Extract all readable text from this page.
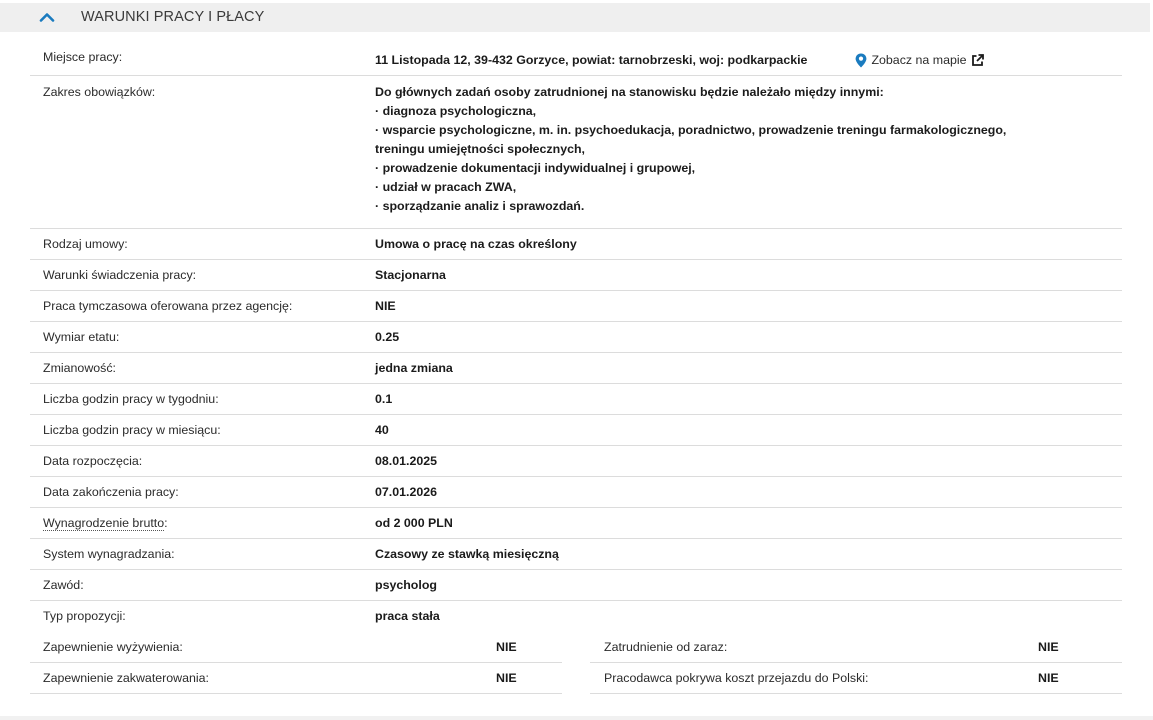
WARUNKI PRACY I PŁACY
Miejsce pracy:	11 Listopada 12, 39-432 Gorzyce, powiat: tarnobrzeski, woj: podkarpackie	Zobacz na mapie
Zakres obowiązków:	Do głównych zadań osoby zatrudnionej na stanowisku będzie należało między innymi:
· diagnoza psychologiczna,
· wsparcie psychologiczne, m. in. psychoedukacja, poradnictwo, prowadzenie treningu farmakologicznego, treningu umiejętności społecznych,
· prowadzenie dokumentacji indywidualnej i grupowej,
· udział w pracach ZWA,
· sporządzanie analiz i sprawozdań.
Rodzaj umowy:	Umowa o pracę na czas określony
Warunki świadczenia pracy:	Stacjonarna
Praca tymczasowa oferowana przez agencję:	NIE
Wymiar etatu:	0.25
Zmianowość:	jedna zmiana
Liczba godzin pracy w tygodniu:	0.1
Liczba godzin pracy w miesiącu:	40
Data rozpoczęcia:	08.01.2025
Data zakończenia pracy:	07.01.2026
Wynagrodzenie brutto:	od 2 000 PLN
System wynagradzania:	Czasowy ze stawką miesięczną
Zawód:	psycholog
Typ propozycji:	praca stała
Zapewnienie wyżywienia:	NIE
Zapewnienie zakwaterowania:	NIE
Zatrudnienie od zaraz:	NIE
Pracodawca pokrywa koszt przejazdu do Polski:	NIE
